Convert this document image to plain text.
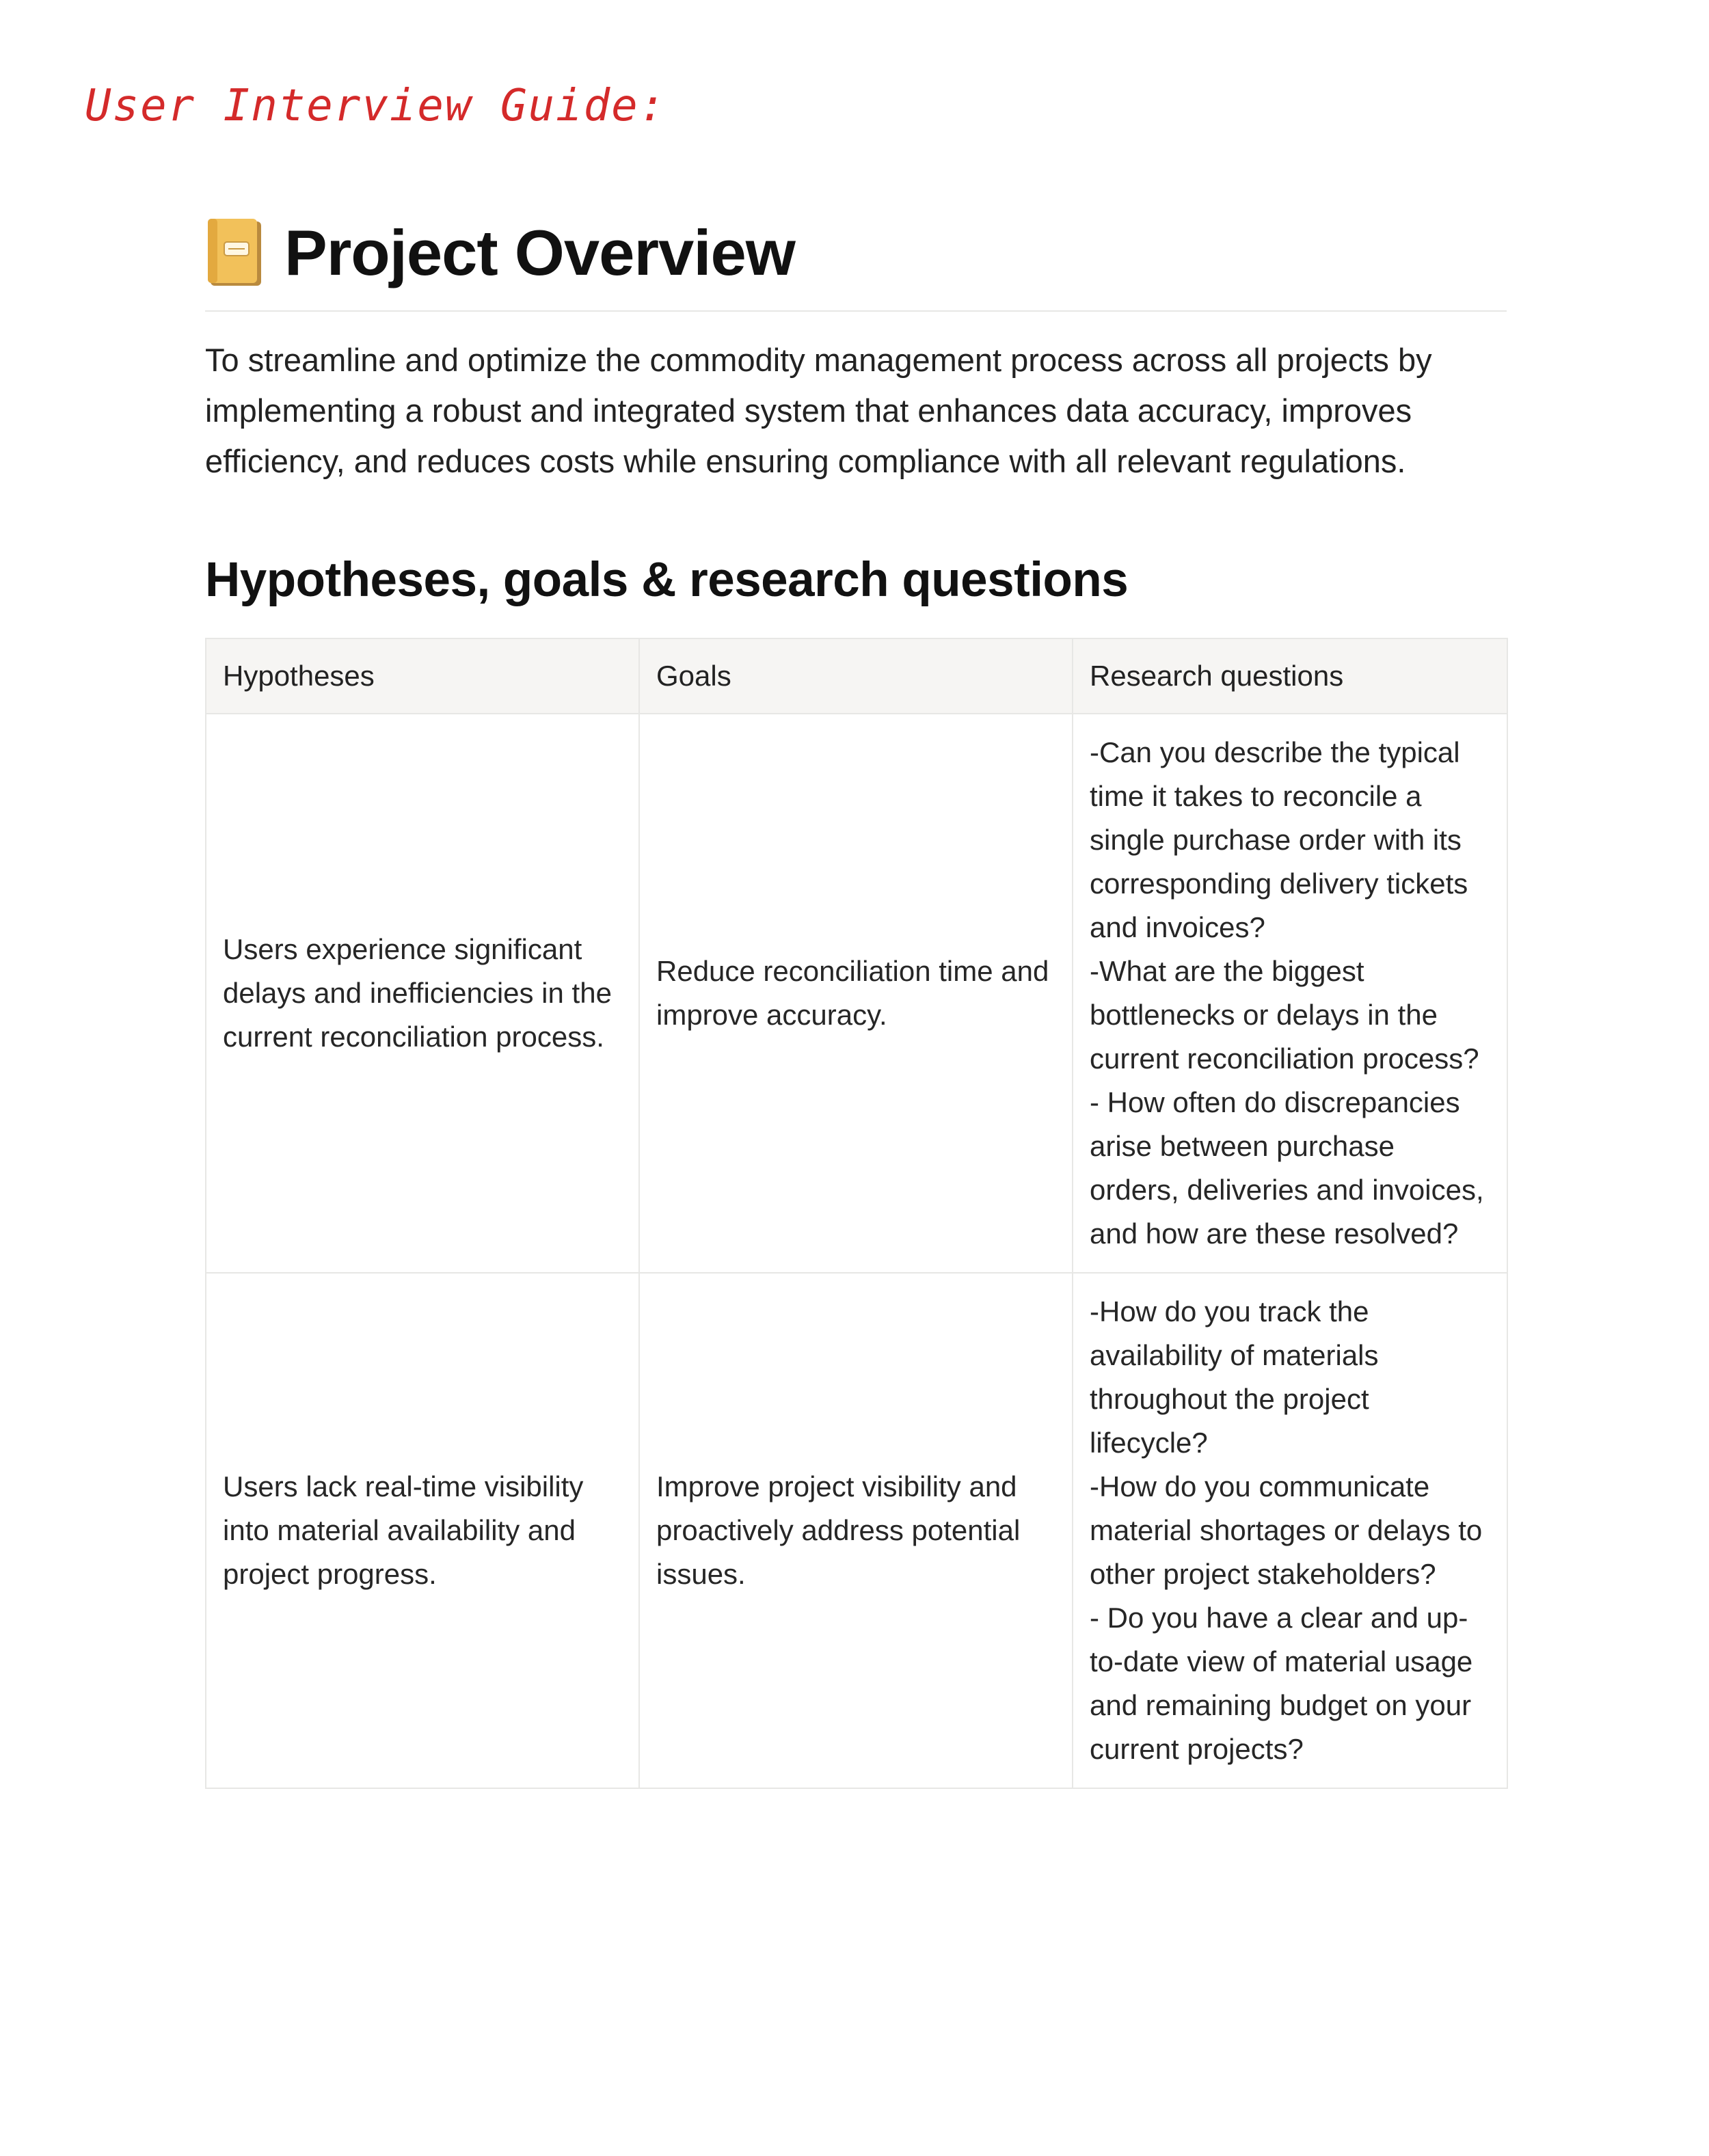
User Interview Guide:
Project Overview
To streamline and optimize the commodity management process across all projects by implementing a robust and integrated system that enhances data accuracy, improves efficiency, and reduces costs while ensuring compliance with all relevant regulations.
Hypotheses, goals & research questions
Hypotheses	Goals	Research questions
Users experience significant delays and inefficiencies in the current reconciliation process.	Reduce reconciliation time and improve accuracy.	-Can you describe the typical time it takes to reconcile a single purchase order with its corresponding delivery tickets and invoices?
-What are the biggest bottlenecks or delays in the current reconciliation process?
- How often do discrepancies arise between purchase orders, deliveries and invoices, and how are these resolved?

Users lack real-time visibility into material availability and project progress.	Improve project visibility and proactively address potential issues.	-How do you track the availability of materials throughout the project lifecycle?
-How do you communicate material shortages or delays to other project stakeholders?
- Do you have a clear and up-to-date view of material usage and remaining budget on your current projects?
